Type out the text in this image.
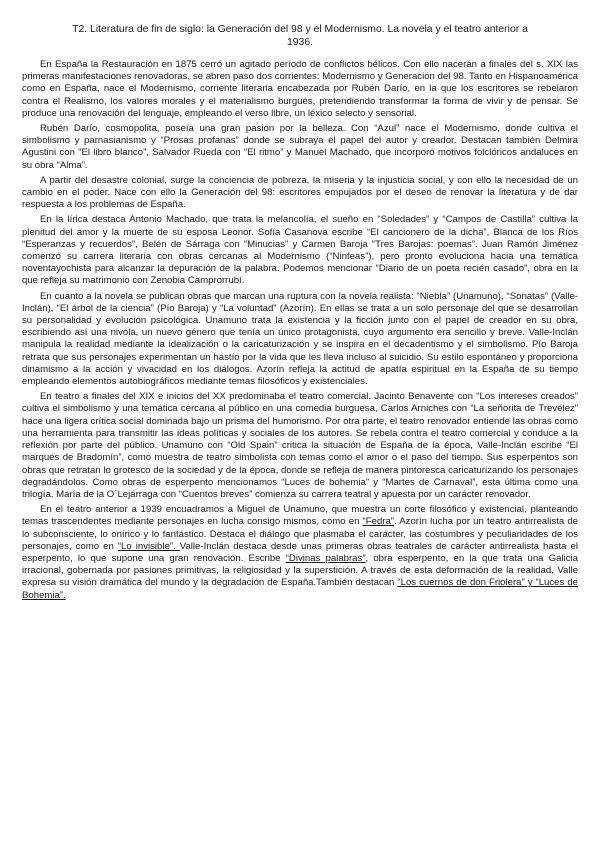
T2. Literatura de fin de siglo: la Generación del 98 y el Modernismo. La novela y el teatro anterior a 1936.

En España la Restauración en 1875 cerró un agitado período de conflictos bélicos. Con ello nacerán a finales del s. XIX las primeras manifestaciones renovadoras, se abren paso dos corrientes: Modernismo y Generación del 98. Tanto en Hispanoamérica como en España, nace el Modernismo, corriente literaria encabezada por Rubén Darío, en la que los escritores se rebelaron contra el Realismo, los valores morales y el materialismo burgués, pretendiendo transformar la forma de vivir y de pensar. Se produce una renovación del lenguaje, empleando el verso libre, un léxico selecto y sensorial.

Rubén Darío, cosmopolita, poseía una gran pasión por la belleza. Con “Azul” nace el Modernismo, donde cultiva el simbolismo y parnasianismo y “Prosas profanas” donde se subraya el papel del autor y creador. Destacan también Delmira Agustini con “El libro blanco”, Salvador Rueda con “El ritmo” y Manuel Machado, que incorporó motivos folclóricos andaluces en su obra “Alma”.

A partir del desastre colonial, surge la conciencia de pobreza, la miseria y la injusticia social, y con ello la necesidad de un cambio en el poder. Nace con ello la Generación del 98: escritores empujados por el deseo de renovar la literatura y de dar respuesta a los problemas de España.

En la lírica destaca Antonio Machado, que trata la melancolía, el sueño en “Soledades” y “Campos de Castilla” cultiva la plenitud del amor y la muerte de su esposa Leonor. Sofía Casanova escribe “El cancionero de la dicha”, Blanca de los Ríos “Esperanzas y recuerdos”, Belén de Sárraga con “Minucias” y Carmen Baroja “Tres Barojas: poemas”. Juan Ramón Jiménez comenzó su carrera literaria con obras cercanas al Modernismo (“Ninfeas”), pero pronto evoluciona hacia una temática noventayochista para alcanzar la depuración de la palabra. Podemos mencionar “Diario de un poeta recién casado”, obra en la que refleja su matrimonio con Zenobia Camprorrubí.

En cuanto a la novela se publican obras que marcan una ruptura con la novela realista: “Niebla” (Unamuno), “Sonatas” (Valle-Inclán), “El árbol de la ciencia” (Pío Baroja) y “La voluntad” (Azorín). En ellas se trata a un solo personaje del que se desarrollan su personalidad y evolución psicológica. Unamuno trata la existencia y la ficción junto con el papel de creador en su obra, escribiendo así una nivola, un nuevo género que tenía un único protagonista, cuyo argumento era sencillo y breve. Valle-Inclán manipula la realidad mediante la idealización o la caricaturización y se inspira en el decadentismo y el simbolismo. Pío Baroja retrata que sus personajes experimentan un hastío por la vida que les lleva incluso al suicidio. Su estilo espontáneo y proporciona dinamismo a la acción y vivacidad en los diálogos. Azorín refleja la actitud de apatía espiritual en la España de su tiempo empleando elementos autobiográficos mediante temas filosóficos y existenciales.

En teatro a finales del XIX e inicios del XX predominaba el teatro comercial. Jacinto Benavente con “Los intereses creados” cultiva el simbolismo y una temática cercana al público en una comedia burguesa, Carlos Arniches con “La señorita de Trevélez” hace una ligera crítica social dominada bajo un prisma del humorismo. Por otra parte, el teatro renovador entiende las obras como una herramienta para transmitir las ideas políticas y sociales de los autores. Se rebela contra el teatro comercial y conduce a la reflexión por parte del público. Unamuno con “Old Spain” critica la situación de España de la época, Valle-Inclán escribe “El marqués de Bradomín”, como muestra de teatro simbolista con temas como el amor o el paso del tiempo. Sus esperpentos son obras que retratan lo grotesco de la sociedad y de la época, donde se refleja de manera pintoresca caricaturizando los personajes degradándolos. Como obras de esperpento mencionamos “Luces de bohemia” y “Martes de Carnaval”, esta última como una trilogía. María de la O´Lejárraga con “Cuentos breves” comienza su carrera teatral y apuesta por un carácter renovador.

En el teatro anterior a 1939 encuadramos a Miguel de Unamuno, que muestra un corte filosófico y existencial, planteando temas trascendentes mediante personajes en lucha consigo mismos, como en “Fedra”. Azorín lucha por un teatro antirrealista de lo subconsciente, lo onírico y lo fantástico. Destaca el diálogo que plasmaba el carácter, las costumbres y peculiaridades de los personajes, como en “Lo invisible”. Valle-Inclán destaca desde unas primeras obras teatrales de carácter antirrealista hasta el esperpento, lo que supone una gran renovación. Escribe “Divinas palabras”, obra esperpento, en la que trata una Galicia irracional, gobernada por pasiones primitivas, la religiosidad y la superstición. A través de esta deformación de la realidad, Valle expresa su visión dramática del mundo y la degradación de España.También destacan “Los cuernos de don Friolera” y “Luces de Bohemia”.
